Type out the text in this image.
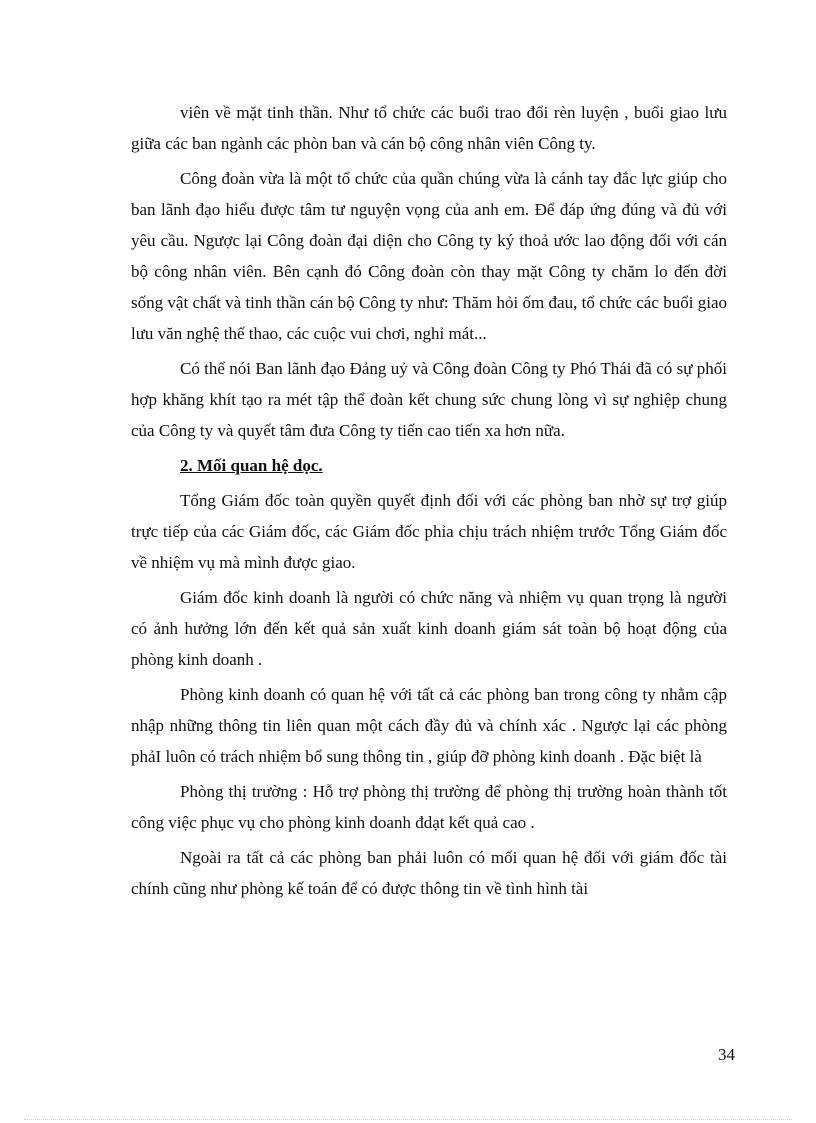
viên về mặt tinh thần. Như tổ chức các buổi trao đổi rèn luyện , buổi giao lưu giữa các ban ngành các phòn ban và cán bộ công nhân viên Công ty.

Công đoàn vừa là một tổ chức của quần chúng vừa là cánh tay đắc lực giúp cho ban lãnh đạo hiểu được tâm tư nguyện vọng của anh em. Để đáp ứng đúng và đủ với yêu cầu. Ngược lại Công đoàn đại diện cho Công ty ký thoả ước lao động đối với cán bộ công nhân viên. Bên cạnh đó Công đoàn còn thay mặt Công ty chăm lo đến đời sống vật chất và tinh thần cán bộ Công ty như: Thăm hỏi ốm đau, tổ chức các buổi giao lưu văn nghệ thể thao, các cuộc vui chơi, nghỉ mát...

Có thể nói Ban lãnh đạo Đảng uỷ và Công đoàn Công ty Phó Thái đã có sự phối hợp khăng khít tạo ra mét tập thể đoàn kết chung sức chung lòng vì sự nghiệp chung của Công ty và quyết tâm đưa Công ty tiến cao tiến xa hơn nữa.

2. Mối quan hệ dọc.

Tổng Giám đốc toàn quyền quyết định đối với các phòng ban nhờ sự trợ giúp trực tiếp của các Giám đốc, các Giám đốc phỉa chịu trách nhiệm trước Tổng Giám đốc về nhiệm vụ mà mình được giao.

Giám đốc kinh doanh là người có chức năng và nhiệm vụ quan trọng là người có ảnh hưởng lớn đến kết quả sản xuất kinh doanh giám sát toàn bộ hoạt động của phòng kinh doanh .

Phòng kinh doanh có quan hệ với tất cả các phòng ban trong công ty nhằm cập nhập những thông tin liên quan một cách đầy đủ và chính xác . Ngược lại các phòng phảI luôn có trách nhiệm bổ sung thông tin , giúp đỡ phòng kinh doanh . Đặc biệt là

Phòng thị trường : Hỗ trợ phòng thị trường để phòng thị trường hoàn thành tốt công việc phục vụ cho phòng kinh doanh đdạt kết quả cao .

Ngoài ra tất cả các phòng ban phải luôn có mối quan hệ đối với giám đốc tài chính cũng như phòng kế toán để có được thông tin về tình hình tài

34
